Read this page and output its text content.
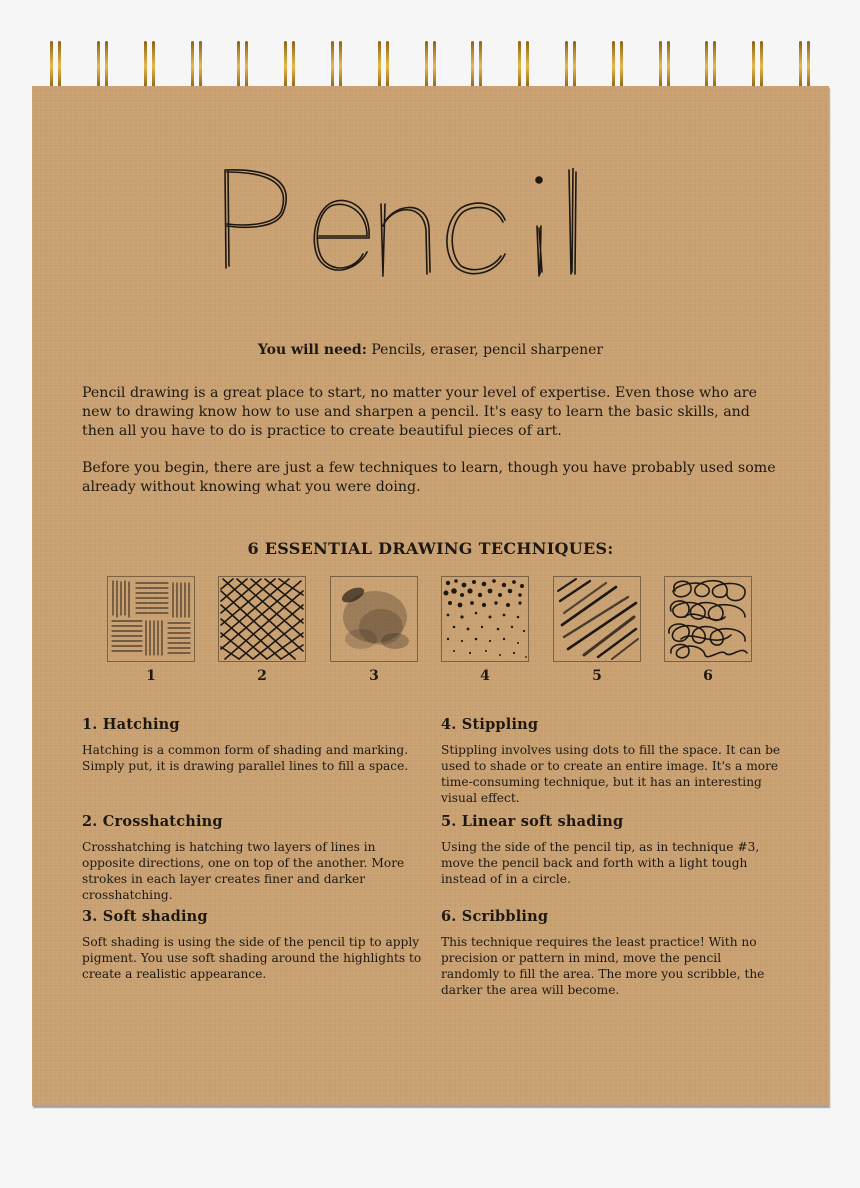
You will need: Pencils, eraser, pencil sharpener
Pencil drawing is a great place to start, no matter your level of expertise. Even those who are new to drawing know how to use and sharpen a pencil. It's easy to learn the basic skills, and then all you have to do is practice to create beautiful pieces of art.
Before you begin, there are just a few techniques to learn, though you have probably used some already without knowing what you were doing.
6 ESSENTIAL DRAWING TECHNIQUES:
1	2	3	4	5	6
1. Hatching

Hatching is a common form of shading and marking. Simply put, it is drawing parallel lines to fill a space.

2. Crosshatching

Crosshatching is hatching two layers of lines in opposite directions, one on top of the another. More strokes in each layer creates finer and darker crosshatching.

3. Soft shading

Soft shading is using the side of the pencil tip to apply pigment. You use soft shading around the highlights to create a realistic appearance.

4. Stippling

Stippling involves using dots to fill the space. It can be used to shade or to create an entire image. It's a more time-consuming technique, but it has an interesting visual effect.

5. Linear soft shading

Using the side of the pencil tip, as in technique #3, move the pencil back and forth with a light tough instead of in a circle.

6. Scribbling

This technique requires the least practice! With no precision or pattern in mind, move the pencil randomly to fill the area. The more you scribble, the darker the area will become.
